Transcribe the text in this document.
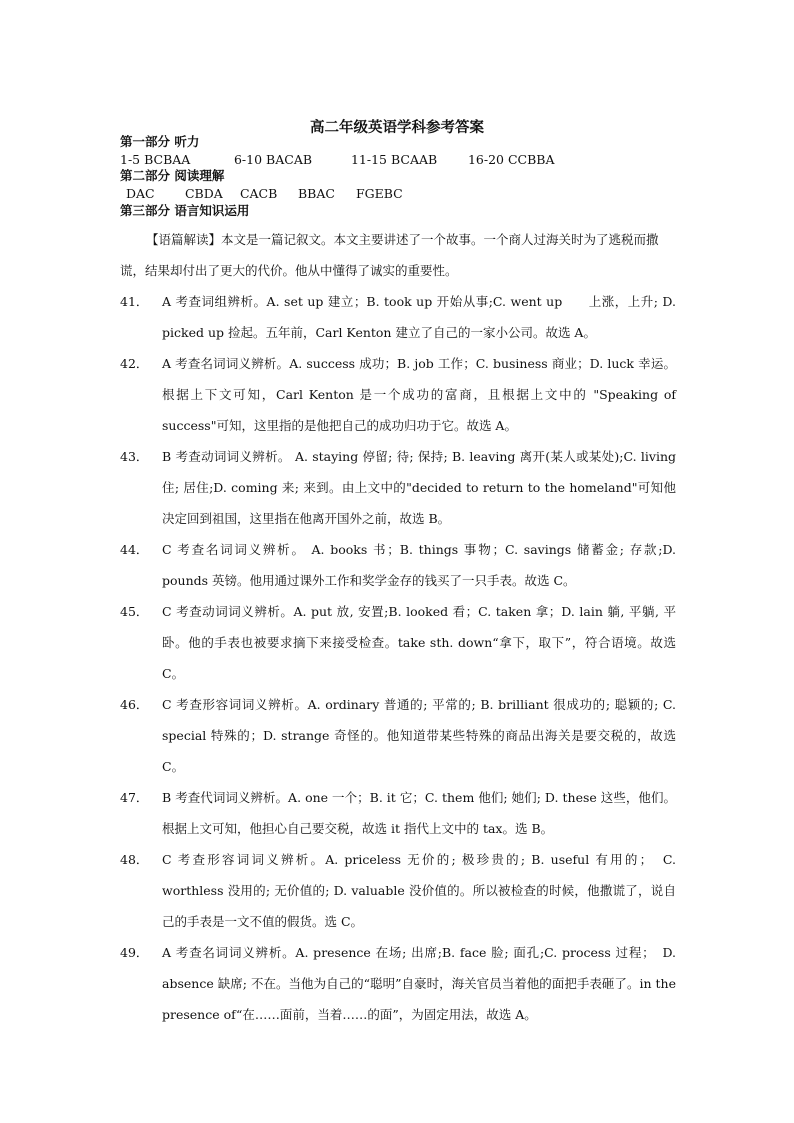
高二年级英语学科参考答案
第一部分 听力
1-5 BCBAA	6-10 BACAB	11-15 BCAAB 16-20 CCBBA
第二部分 阅读理解
DAC CBDA CACB BBAC FGEBC
第三部分 语言知识运用

【语篇解读】本文是一篇记叙文。本文主要讲述了一个故事。一个商人过海关时为了逃税而撒谎，结果却付出了更大的代价。他从中懂得了诚实的重要性。

41． A 考查词组辨析。A. set up 建立；B. took up 开始从事;C. went up　　上涨，上升; D. picked up 捡起。五年前，Carl Kenton 建立了自己的一家小公司。故选 A。
42． A 考查名词词义辨析。A. success 成功；B. job 工作；C. business 商业；D. luck 幸运。根据上下文可知，Carl Kenton 是一个成功的富商，且根据上文中的 "Speaking of success"可知，这里指的是他把自己的成功归功于它。故选 A。
43． B 考查动词词义辨析。 A. staying 停留; 待; 保持; B. leaving 离开(某人或某处);C. living　　　住; 居住;D. coming 来; 来到。由上文中的"decided to return to the homeland"可知他决定回到祖国，这里指在他离开国外之前，故选 B。
44． C 考查名词词义辨析。 A. books 书；B. things 事物；C. savings 储蓄金; 存款;D. pounds 英镑。他用通过课外工作和奖学金存的钱买了一只手表。故选 C。
45． C 考查动词词义辨析。A. put 放, 安置;B. looked 看；C. taken 拿；D. lain 躺, 平躺, 平卧。他的手表也被要求摘下来接受检查。take sth. down“拿下，取下”，符合语境。故选 C。
46． C 考查形容词词义辨析。A. ordinary 普通的; 平常的; B. brilliant 很成功的; 聪颖的; C. special 特殊的；D. strange 奇怪的。他知道带某些特殊的商品出海关是要交税的，故选 C。
47． B 考查代词词义辨析。A. one 一个；B. it 它；C. them 他们; 她们; D. these 这些，他们。根据上文可知，他担心自己要交税，故选 it 指代上文中的 tax。选 B。
48． C 考查形容词词义辨析。A. priceless 无价的; 极珍贵的; B. useful 有用的；　C. worthless 没用的; 无价值的; D. valuable 没价值的。所以被检查的时候，他撒谎了，说自己的手表是一文不值的假货。选 C。
49． A 考查名词词义辨析。A. presence 在场; 出席;B. face 脸; 面孔;C. process 过程；　D. absence 缺席; 不在。当他为自己的“聪明”自豪时，海关官员当着他的面把手表砸了。in the presence of“在……面前，当着……的面”，为固定用法，故选 A。
